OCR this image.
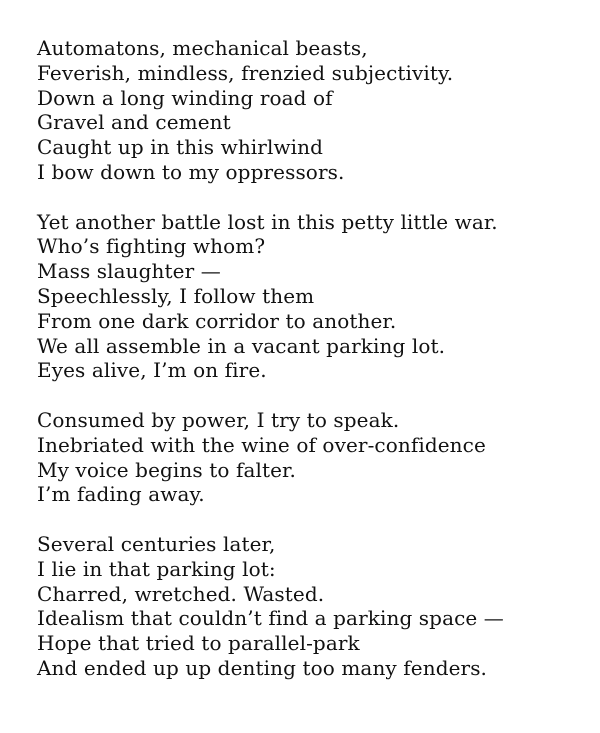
Automatons, mechanical beasts,
Feverish, mindless, frenzied subjectivity.
Down a long winding road of
Gravel and cement
Caught up in this whirlwind
I bow down to my oppressors.
Yet another battle lost in this petty little war.
Who’s fighting whom?
Mass slaughter —
Speechlessly, I follow them
From one dark corridor to another.
We all assemble in a vacant parking lot.
Eyes alive, I’m on fire.
Consumed by power, I try to speak.
Inebriated with the wine of over-confidence
My voice begins to falter.
I’m fading away.
Several centuries later,
I lie in that parking lot:
Charred, wretched. Wasted.
Idealism that couldn’t find a parking space —
Hope that tried to parallel-park
And ended up up denting too many fenders.
